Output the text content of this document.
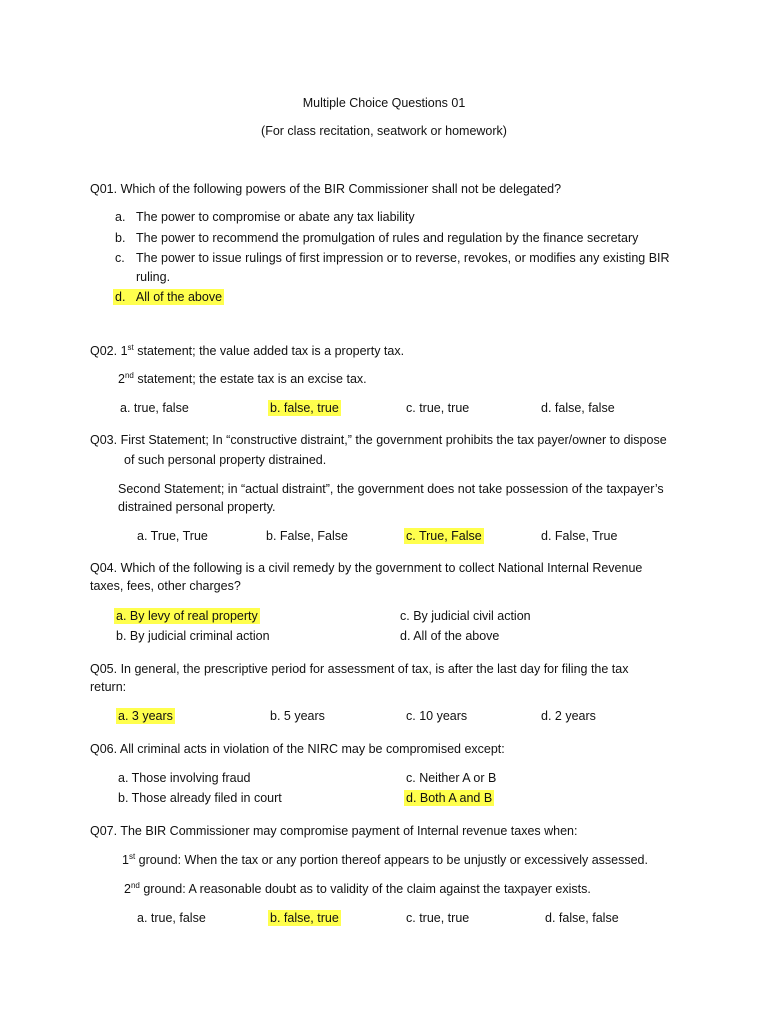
Multiple Choice Questions 01
(For class recitation, seatwork or homework)
Q01. Which of the following powers of the BIR Commissioner shall not be delegated?
a. The power to compromise or abate any tax liability
b. The power to recommend the promulgation of rules and regulation by the finance secretary
c. The power to issue rulings of first impression or to reverse, revokes, or modifies any existing BIR
ruling.
d. All of the above
Q02. 1st statement; the value added tax is a property tax.
2nd statement; the estate tax is an excise tax.
a. true, false	b. false, true	c. true, true	d. false, false
Q03. First Statement; In “constructive distraint,” the government prohibits the tax payer/owner to dispose
of such personal property distrained.
Second Statement; in “actual distraint”, the government does not take possession of the taxpayer’s
distrained personal property.
a. True, True	b. False, False	c. True, False	d. False, True
Q04. Which of the following is a civil remedy by the government to collect National Internal Revenue
taxes, fees, other charges?
a. By levy of real property
b. By judicial criminal action
c. By judicial civil action
d. All of the above
Q05. In general, the prescriptive period for assessment of tax, is after the last day for filing the tax
return:
a. 3 years	b. 5 years	c. 10 years	d. 2 years
Q06. All criminal acts in violation of the NIRC may be compromised except:
a. Those involving fraud
b. Those already filed in court
c. Neither A or B
d. Both A and B
Q07. The BIR Commissioner may compromise payment of Internal revenue taxes when:
1st ground: When the tax or any portion thereof appears to be unjustly or excessively assessed.
2nd ground: A reasonable doubt as to validity of the claim against the taxpayer exists.
a. true, false	b. false, true	c. true, true	d. false, false
